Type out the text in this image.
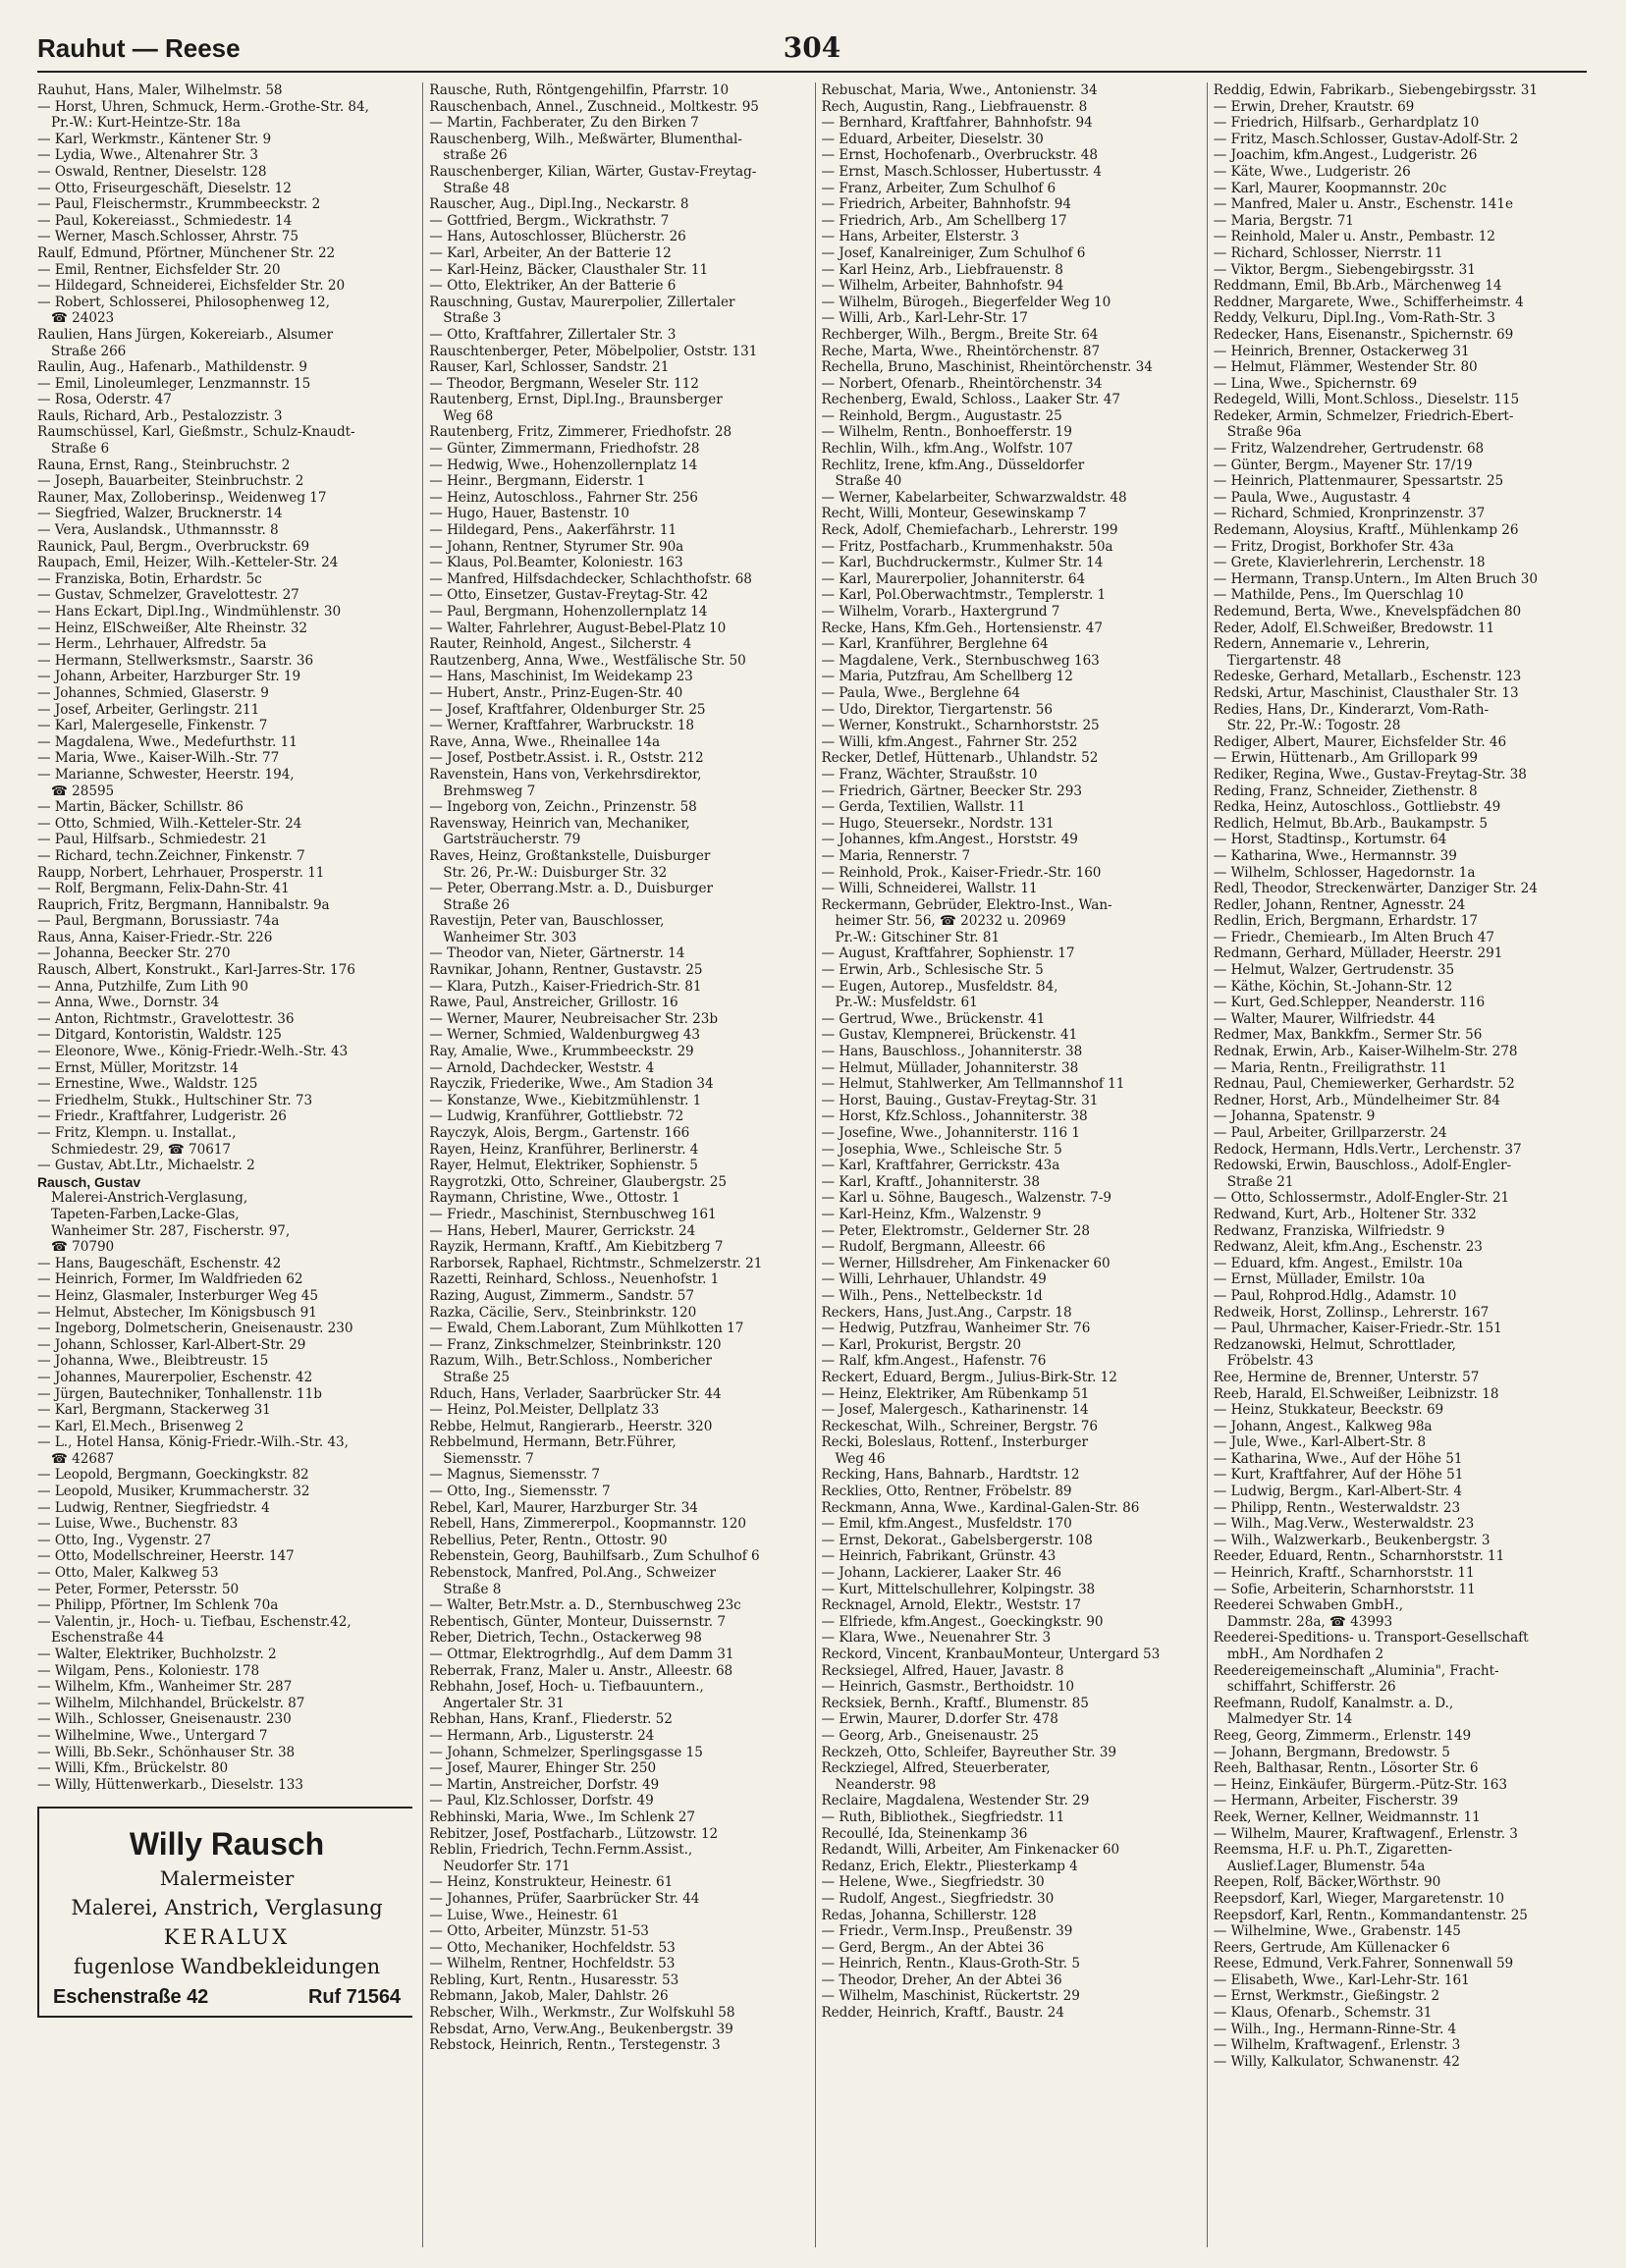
Rauhut — Reese	304
Rauhut, Hans, Maler, Wilhelmstr. 58
— Horst, Uhren, Schmuck, Herm.-Grothe-Str. 84,
Pr.-W.: Kurt-Heintze-Str. 18a
— Karl, Werkmstr., Käntener Str. 9
— Lydia, Wwe., Altenahrer Str. 3
— Oswald, Rentner, Dieselstr. 128
— Otto, Friseurgeschäft, Dieselstr. 12
— Paul, Fleischermstr., Krummbeeckstr. 2
— Paul, Kokereiasst., Schmiedestr. 14
— Werner, Masch.Schlosser, Ahrstr. 75
Raulf, Edmund, Pförtner, Münchener Str. 22
— Emil, Rentner, Eichsfelder Str. 20
— Hildegard, Schneiderei, Eichsfelder Str. 20
— Robert, Schlosserei, Philosophenweg 12,
☎ 24023
Raulien, Hans Jürgen, Kokereiarb., Alsumer
Straße 266
Raulin, Aug., Hafenarb., Mathildenstr. 9
— Emil, Linoleumleger, Lenzmannstr. 15
— Rosa, Oderstr. 47
Rauls, Richard, Arb., Pestalozzistr. 3
Raumschüssel, Karl, Gießmstr., Schulz-Knaudt-
Straße 6
Rauna, Ernst, Rang., Steinbruchstr. 2
— Joseph, Bauarbeiter, Steinbruchstr. 2
Rauner, Max, Zolloberinsp., Weidenweg 17
— Siegfried, Walzer, Brucknerstr. 14
— Vera, Auslandsk., Uthmannsstr. 8
Raunick, Paul, Bergm., Overbruckstr. 69
Raupach, Emil, Heizer, Wilh.-Ketteler-Str. 24
— Franziska, Botin, Erhardstr. 5c
— Gustav, Schmelzer, Gravelottestr. 27
— Hans Eckart, Dipl.Ing., Windmühlenstr. 30
— Heinz, ElSchweißer, Alte Rheinstr. 32
— Herm., Lehrhauer, Alfredstr. 5a
— Hermann, Stellwerksmstr., Saarstr. 36
— Johann, Arbeiter, Harzburger Str. 19
— Johannes, Schmied, Glaserstr. 9
— Josef, Arbeiter, Gerlingstr. 211
— Karl, Malergeselle, Finkenstr. 7
— Magdalena, Wwe., Medefurthstr. 11
— Maria, Wwe., Kaiser-Wilh.-Str. 77
— Marianne, Schwester, Heerstr. 194,
☎ 28595
— Martin, Bäcker, Schillstr. 86
— Otto, Schmied, Wilh.-Ketteler-Str. 24
— Paul, Hilfsarb., Schmiedestr. 21
— Richard, techn.Zeichner, Finkenstr. 7
Raupp, Norbert, Lehrhauer, Prosperstr. 11
— Rolf, Bergmann, Felix-Dahn-Str. 41
Rauprich, Fritz, Bergmann, Hannibalstr. 9a
— Paul, Bergmann, Borussiastr. 74a
Raus, Anna, Kaiser-Friedr.-Str. 226
— Johanna, Beecker Str. 270
Rausch, Albert, Konstrukt., Karl-Jarres-Str. 176
— Anna, Putzhilfe, Zum Lith 90
— Anna, Wwe., Dornstr. 34
— Anton, Richtmstr., Gravelottestr. 36
— Ditgard, Kontoristin, Waldstr. 125
— Eleonore, Wwe., König-Friedr.-Welh.-Str. 43
— Ernst, Müller, Moritzstr. 14
— Ernestine, Wwe., Waldstr. 125
— Friedhelm, Stukk., Hultschiner Str. 73
— Friedr., Kraftfahrer, Ludgeristr. 26
— Fritz, Klempn. u. Installat.,
Schmiedestr. 29, ☎ 70617
— Gustav, Abt.Ltr., Michaelstr. 2
Rausch, Gustav
Malerei-Anstrich-Verglasung,
Tapeten-Farben,Lacke-Glas,
Wanheimer Str. 287, Fischerstr. 97,
☎ 70790
— Hans, Baugeschäft, Eschenstr. 42
— Heinrich, Former, Im Waldfrieden 62
— Heinz, Glasmaler, Insterburger Weg 45
— Helmut, Abstecher, Im Königsbusch 91
— Ingeborg, Dolmetscherin, Gneisenaustr. 230
— Johann, Schlosser, Karl-Albert-Str. 29
— Johanna, Wwe., Bleibtreustr. 15
— Johannes, Maurerpolier, Eschenstr. 42
— Jürgen, Bautechniker, Tonhallenstr. 11b
— Karl, Bergmann, Stackerweg 31
— Karl, El.Mech., Brisenweg 2
— L., Hotel Hansa, König-Friedr.-Wilh.-Str. 43,
☎ 42687
— Leopold, Bergmann, Goeckingkstr. 82
— Leopold, Musiker, Krummacherstr. 32
— Ludwig, Rentner, Siegfriedstr. 4
— Luise, Wwe., Buchenstr. 83
— Otto, Ing., Vygenstr. 27
— Otto, Modellschreiner, Heerstr. 147
— Otto, Maler, Kalkweg 53
— Peter, Former, Petersstr. 50
— Philipp, Pförtner, Im Schlenk 70a
— Valentin, jr., Hoch- u. Tiefbau, Eschenstr.42,
Eschenstraße 44
— Walter, Elektriker, Buchholzstr. 2
— Wilgam, Pens., Koloniestr. 178
— Wilhelm, Kfm., Wanheimer Str. 287
— Wilhelm, Milchhandel, Brückelstr. 87
— Wilh., Schlosser, Gneisenaustr. 230
— Wilhelmine, Wwe., Untergard 7
— Willi, Bb.Sekr., Schönhauser Str. 38
— Willi, Kfm., Brückelstr. 80
— Willy, Hüttenwerkarb., Dieselstr. 133
Willy Rausch
Malermeister
Malerei, Anstrich, Verglasung
KERALUX
fugenlose Wandbekleidungen
Eschenstraße 42	Ruf 71564
Rausche, Ruth, Röntgengehilfin, Pfarrstr. 10
Rauschenbach, Annel., Zuschneid., Moltkestr. 95
— Martin, Fachberater, Zu den Birken 7
Rauschenberg, Wilh., Meßwärter, Blumenthal-
straße 26
Rauschenberger, Kilian, Wärter, Gustav-Freytag-
Straße 48
Rauscher, Aug., Dipl.Ing., Neckarstr. 8
— Gottfried, Bergm., Wickrathstr. 7
— Hans, Autoschlosser, Blücherstr. 26
— Karl, Arbeiter, An der Batterie 12
— Karl-Heinz, Bäcker, Clausthaler Str. 11
— Otto, Elektriker, An der Batterie 6
Rauschning, Gustav, Maurerpolier, Zillertaler
Straße 3
— Otto, Kraftfahrer, Zillertaler Str. 3
Rauschtenberger, Peter, Möbelpolier, Oststr. 131
Rauser, Karl, Schlosser, Sandstr. 21
— Theodor, Bergmann, Weseler Str. 112
Rautenberg, Ernst, Dipl.Ing., Braunsberger
Weg 68
Rautenberg, Fritz, Zimmerer, Friedhofstr. 28
— Günter, Zimmermann, Friedhofstr. 28
— Hedwig, Wwe., Hohenzollernplatz 14
— Heinr., Bergmann, Eiderstr. 1
— Heinz, Autoschloss., Fahrner Str. 256
— Hugo, Hauer, Bastenstr. 10
— Hildegard, Pens., Aakerfährstr. 11
— Johann, Rentner, Styrumer Str. 90a
— Klaus, Pol.Beamter, Koloniestr. 163
— Manfred, Hilfsdachdecker, Schlachthofstr. 68
— Otto, Einsetzer, Gustav-Freytag-Str. 42
— Paul, Bergmann, Hohenzollernplatz 14
— Walter, Fahrlehrer, August-Bebel-Platz 10
Rauter, Reinhold, Angest., Silcherstr. 4
Rautzenberg, Anna, Wwe., Westfälische Str. 50
— Hans, Maschinist, Im Weidekamp 23
— Hubert, Anstr., Prinz-Eugen-Str. 40
— Josef, Kraftfahrer, Oldenburger Str. 25
— Werner, Kraftfahrer, Warbruckstr. 18
Rave, Anna, Wwe., Rheinallee 14a
— Josef, Postbetr.Assist. i. R., Oststr. 212
Ravenstein, Hans von, Verkehrsdirektor,
Brehmsweg 7
— Ingeborg von, Zeichn., Prinzenstr. 58
Ravensway, Heinrich van, Mechaniker,
Gartsträucherstr. 79
Raves, Heinz, Großtankstelle, Duisburger
Str. 26, Pr.-W.: Duisburger Str. 32
— Peter, Oberrang.Mstr. a. D., Duisburger
Straße 26
Ravestijn, Peter van, Bauschlosser,
Wanheimer Str. 303
— Theodor van, Nieter, Gärtnerstr. 14
Ravnikar, Johann, Rentner, Gustavstr. 25
— Klara, Putzh., Kaiser-Friedrich-Str. 81
Rawe, Paul, Anstreicher, Grillostr. 16
— Werner, Maurer, Neubreisacher Str. 23b
— Werner, Schmied, Waldenburgweg 43
Ray, Amalie, Wwe., Krummbeeckstr. 29
— Arnold, Dachdecker, Weststr. 4
Rayczik, Friederike, Wwe., Am Stadion 34
— Konstanze, Wwe., Kiebitzmühlenstr. 1
— Ludwig, Kranführer, Gottliebstr. 72
Rayczyk, Alois, Bergm., Gartenstr. 166
Rayen, Heinz, Kranführer, Berlinerstr. 4
Rayer, Helmut, Elektriker, Sophienstr. 5
Raygrotzki, Otto, Schreiner, Glaubergstr. 25
Raymann, Christine, Wwe., Ottostr. 1
— Friedr., Maschinist, Sternbuschweg 161
— Hans, Heberl, Maurer, Gerrickstr. 24
Rayzik, Hermann, Kraftf., Am Kiebitzberg 7
Rarborsek, Raphael, Richtmstr., Schmelzerstr. 21
Razetti, Reinhard, Schloss., Neuenhofstr. 1
Razing, August, Zimmerm., Sandstr. 57
Razka, Cäcilie, Serv., Steinbrinkstr. 120
— Ewald, Chem.Laborant, Zum Mühlkotten 17
— Franz, Zinkschmelzer, Steinbrinkstr. 120
Razum, Wilh., Betr.Schloss., Nombericher
Straße 25
Rduch, Hans, Verlader, Saarbrücker Str. 44
— Heinz, Pol.Meister, Dellplatz 33
Rebbe, Helmut, Rangierarb., Heerstr. 320
Rebbelmund, Hermann, Betr.Führer,
Siemensstr. 7
— Magnus, Siemensstr. 7
— Otto, Ing., Siemensstr. 7
Rebel, Karl, Maurer, Harzburger Str. 34
Rebell, Hans, Zimmererpol., Koopmannstr. 120
Rebellius, Peter, Rentn., Ottostr. 90
Rebenstein, Georg, Bauhilfsarb., Zum Schulhof 6
Rebenstock, Manfred, Pol.Ang., Schweizer
Straße 8
— Walter, Betr.Mstr. a. D., Sternbuschweg 23c
Rebentisch, Günter, Monteur, Duissernstr. 7
Reber, Dietrich, Techn., Ostackerweg 98
— Ottmar, Elektrogrhdlg., Auf dem Damm 31
Reberrak, Franz, Maler u. Anstr., Alleestr. 68
Rebhahn, Josef, Hoch- u. Tiefbauuntern.,
Angertaler Str. 31
Rebhan, Hans, Kranf., Fliederstr. 52
— Hermann, Arb., Ligusterstr. 24
— Johann, Schmelzer, Sperlingsgasse 15
— Josef, Maurer, Ehinger Str. 250
— Martin, Anstreicher, Dorfstr. 49
— Paul, Klz.Schlosser, Dorfstr. 49
Rebhinski, Maria, Wwe., Im Schlenk 27
Rebitzer, Josef, Postfacharb., Lützowstr. 12
Reblin, Friedrich, Techn.Fernm.Assist.,
Neudorfer Str. 171
— Heinz, Konstrukteur, Heinestr. 61
— Johannes, Prüfer, Saarbrücker Str. 44
— Luise, Wwe., Heinestr. 61
— Otto, Arbeiter, Münzstr. 51-53
— Otto, Mechaniker, Hochfeldstr. 53
— Wilhelm, Rentner, Hochfeldstr. 53
Rebling, Kurt, Rentn., Husaresstr. 53
Rebmann, Jakob, Maler, Dahlstr. 26
Rebscher, Wilh., Werkmstr., Zur Wolfskuhl 58
Rebsdat, Arno, Verw.Ang., Beukenbergstr. 39
Rebstock, Heinrich, Rentn., Terstegenstr. 3
Rebuschat, Maria, Wwe., Antonienstr. 34
Rech, Augustin, Rang., Liebfrauenstr. 8
— Bernhard, Kraftfahrer, Bahnhofstr. 94
— Eduard, Arbeiter, Dieselstr. 30
— Ernst, Hochofenarb., Overbruckstr. 48
— Ernst, Masch.Schlosser, Hubertusstr. 4
— Franz, Arbeiter, Zum Schulhof 6
— Friedrich, Arbeiter, Bahnhofstr. 94
— Friedrich, Arb., Am Schellberg 17
— Hans, Arbeiter, Elsterstr. 3
— Josef, Kanalreiniger, Zum Schulhof 6
— Karl Heinz, Arb., Liebfrauenstr. 8
— Wilhelm, Arbeiter, Bahnhofstr. 94
— Wilhelm, Bürogeh., Biegerfelder Weg 10
— Willi, Arb., Karl-Lehr-Str. 17
Rechberger, Wilh., Bergm., Breite Str. 64
Reche, Marta, Wwe., Rheintörchenstr. 87
Rechella, Bruno, Maschinist, Rheintörchenstr. 34
— Norbert, Ofenarb., Rheintörchenstr. 34
Rechenberg, Ewald, Schloss., Laaker Str. 47
— Reinhold, Bergm., Augustastr. 25
— Wilhelm, Rentn., Bonhoefferstr. 19
Rechlin, Wilh., kfm.Ang., Wolfstr. 107
Rechlitz, Irene, kfm.Ang., Düsseldorfer
Straße 40
— Werner, Kabelarbeiter, Schwarzwaldstr. 48
Recht, Willi, Monteur, Gesewinskamp 7
Reck, Adolf, Chemiefacharb., Lehrerstr. 199
— Fritz, Postfacharb., Krummenhakstr. 50a
— Karl, Buchdruckermstr., Kulmer Str. 14
— Karl, Maurerpolier, Johanniterstr. 64
— Karl, Pol.Oberwachtmstr., Templerstr. 1
— Wilhelm, Vorarb., Haxtergrund 7
Recke, Hans, Kfm.Geh., Hortensienstr. 47
— Karl, Kranführer, Berglehne 64
— Magdalene, Verk., Sternbuschweg 163
— Maria, Putzfrau, Am Schellberg 12
— Paula, Wwe., Berglehne 64
— Udo, Direktor, Tiergartenstr. 56
— Werner, Konstrukt., Scharnhorststr. 25
— Willi, kfm.Angest., Fahrner Str. 252
Recker, Detlef, Hüttenarb., Uhlandstr. 52
— Franz, Wächter, Straußstr. 10
— Friedrich, Gärtner, Beecker Str. 293
— Gerda, Textilien, Wallstr. 11
— Hugo, Steuersekr., Nordstr. 131
— Johannes, kfm.Angest., Horststr. 49
— Maria, Rennerstr. 7
— Reinhold, Prok., Kaiser-Friedr.-Str. 160
— Willi, Schneiderei, Wallstr. 11
Reckermann, Gebrüder, Elektro-Inst., Wan-
heimer Str. 56, ☎ 20232 u. 20969
Pr.-W.: Gitschiner Str. 81
— August, Kraftfahrer, Sophienstr. 17
— Erwin, Arb., Schlesische Str. 5
— Eugen, Autorep., Musfeldstr. 84,
Pr.-W.: Musfeldstr. 61
— Gertrud, Wwe., Brückenstr. 41
— Gustav, Klempnerei, Brückenstr. 41
— Hans, Bauschloss., Johanniterstr. 38
— Helmut, Müllader, Johanniterstr. 38
— Helmut, Stahlwerker, Am Tellmannshof 11
— Horst, Bauing., Gustav-Freytag-Str. 31
— Horst, Kfz.Schloss., Johanniterstr. 38
— Josefine, Wwe., Johanniterstr. 116 1
— Josephia, Wwe., Schleische Str. 5
— Karl, Kraftfahrer, Gerrickstr. 43a
— Karl, Kraftf., Johanniterstr. 38
— Karl u. Söhne, Baugesch., Walzenstr. 7-9
— Karl-Heinz, Kfm., Walzenstr. 9
— Peter, Elektromstr., Gelderner Str. 28
— Rudolf, Bergmann, Alleestr. 66
— Werner, Hillsdreher, Am Finkenacker 60
— Willi, Lehrhauer, Uhlandstr. 49
— Wilh., Pens., Nettelbeckstr. 1d
Reckers, Hans, Just.Ang., Carpstr. 18
— Hedwig, Putzfrau, Wanheimer Str. 76
— Karl, Prokurist, Bergstr. 20
— Ralf, kfm.Angest., Hafenstr. 76
Reckert, Eduard, Bergm., Julius-Birk-Str. 12
— Heinz, Elektriker, Am Rübenkamp 51
— Josef, Malergesch., Katharinenstr. 14
Reckeschat, Wilh., Schreiner, Bergstr. 76
Recki, Boleslaus, Rottenf., Insterburger
Weg 46
Recking, Hans, Bahnarb., Hardtstr. 12
Recklies, Otto, Rentner, Fröbelstr. 89
Reckmann, Anna, Wwe., Kardinal-Galen-Str. 86
— Emil, kfm.Angest., Musfeldstr. 170
— Ernst, Dekorat., Gabelsbergerstr. 108
— Heinrich, Fabrikant, Grünstr. 43
— Johann, Lackierer, Laaker Str. 46
— Kurt, Mittelschullehrer, Kolpingstr. 38
Recknagel, Arnold, Elektr., Weststr. 17
— Elfriede, kfm.Angest., Goeckingkstr. 90
— Klara, Wwe., Neuenahrer Str. 3
Reckord, Vincent, KranbauMonteur, Untergard 53
Recksiegel, Alfred, Hauer, Javastr. 8
— Heinrich, Gasmstr., Berthoidstr. 10
Recksiek, Bernh., Kraftf., Blumenstr. 85
— Erwin, Maurer, D.dorfer Str. 478
— Georg, Arb., Gneisenaustr. 25
Reckzeh, Otto, Schleifer, Bayreuther Str. 39
Reckziegel, Alfred, Steuerberater,
Neanderstr. 98
Reclaire, Magdalena, Westender Str. 29
— Ruth, Bibliothek., Siegfriedstr. 11
Recoullé, Ida, Steinenkamp 36
Redandt, Willi, Arbeiter, Am Finkenacker 60
Redanz, Erich, Elektr., Pliesterkamp 4
— Helene, Wwe., Siegfriedstr. 30
— Rudolf, Angest., Siegfriedstr. 30
Redas, Johanna, Schillerstr. 128
— Friedr., Verm.Insp., Preußenstr. 39
— Gerd, Bergm., An der Abtei 36
— Heinrich, Rentn., Klaus-Groth-Str. 5
— Theodor, Dreher, An der Abtei 36
— Wilhelm, Maschinist, Rückertstr. 29
Redder, Heinrich, Kraftf., Baustr. 24
Reddig, Edwin, Fabrikarb., Siebengebirgsstr. 31
— Erwin, Dreher, Krautstr. 69
— Friedrich, Hilfsarb., Gerhardplatz 10
— Fritz, Masch.Schlosser, Gustav-Adolf-Str. 2
— Joachim, kfm.Angest., Ludgeristr. 26
— Käte, Wwe., Ludgeristr. 26
— Karl, Maurer, Koopmannstr. 20c
— Manfred, Maler u. Anstr., Eschenstr. 141e
— Maria, Bergstr. 71
— Reinhold, Maler u. Anstr., Pembastr. 12
— Richard, Schlosser, Nierrstr. 11
— Viktor, Bergm., Siebengebirgsstr. 31
Reddmann, Emil, Bb.Arb., Märchenweg 14
Reddner, Margarete, Wwe., Schifferheimstr. 4
Reddy, Velkuru, Dipl.Ing., Vom-Rath-Str. 3
Redecker, Hans, Eisenanstr., Spichernstr. 69
— Heinrich, Brenner, Ostackerweg 31
— Helmut, Flämmer, Westender Str. 80
— Lina, Wwe., Spichernstr. 69
Redegeld, Willi, Mont.Schloss., Dieselstr. 115
Redeker, Armin, Schmelzer, Friedrich-Ebert-
Straße 96a
— Fritz, Walzendreher, Gertrudenstr. 68
— Günter, Bergm., Mayener Str. 17/19
— Heinrich, Plattenmaurer, Spessartstr. 25
— Paula, Wwe., Augustastr. 4
— Richard, Schmied, Kronprinzenstr. 37
Redemann, Aloysius, Kraftf., Mühlenkamp 26
— Fritz, Drogist, Borkhofer Str. 43a
— Grete, Klavierlehrerin, Lerchenstr. 18
— Hermann, Transp.Untern., Im Alten Bruch 30
— Mathilde, Pens., Im Querschlag 10
Redemund, Berta, Wwe., Knevelspfädchen 80
Reder, Adolf, El.Schweißer, Bredowstr. 11
Redern, Annemarie v., Lehrerin,
Tiergartenstr. 48
Redeske, Gerhard, Metallarb., Eschenstr. 123
Redski, Artur, Maschinist, Clausthaler Str. 13
Redies, Hans, Dr., Kinderarzt, Vom-Rath-
Str. 22, Pr.-W.: Togostr. 28
Rediger, Albert, Maurer, Eichsfelder Str. 46
— Erwin, Hüttenarb., Am Grillopark 99
Rediker, Regina, Wwe., Gustav-Freytag-Str. 38
Reding, Franz, Schneider, Ziethenstr. 8
Redka, Heinz, Autoschloss., Gottliebstr. 49
Redlich, Helmut, Bb.Arb., Baukampstr. 5
— Horst, Stadtinsp., Kortumstr. 64
— Katharina, Wwe., Hermannstr. 39
— Wilhelm, Schlosser, Hagedornstr. 1a
Redl, Theodor, Streckenwärter, Danziger Str. 24
Redler, Johann, Rentner, Agnesstr. 24
Redlin, Erich, Bergmann, Erhardstr. 17
— Friedr., Chemiearb., Im Alten Bruch 47
Redmann, Gerhard, Müllader, Heerstr. 291
— Helmut, Walzer, Gertrudenstr. 35
— Käthe, Köchin, St.-Johann-Str. 12
— Kurt, Ged.Schlepper, Neanderstr. 116
— Walter, Maurer, Wilfriedstr. 44
Redmer, Max, Bankkfm., Sermer Str. 56
Rednak, Erwin, Arb., Kaiser-Wilhelm-Str. 278
— Maria, Rentn., Freiligrathstr. 11
Rednau, Paul, Chemiewerker, Gerhardstr. 52
Redner, Horst, Arb., Mündelheimer Str. 84
— Johanna, Spatenstr. 9
— Paul, Arbeiter, Grillparzerstr. 24
Redock, Hermann, Hdls.Vertr., Lerchenstr. 37
Redowski, Erwin, Bauschloss., Adolf-Engler-
Straße 21
— Otto, Schlossermstr., Adolf-Engler-Str. 21
Redwand, Kurt, Arb., Holtener Str. 332
Redwanz, Franziska, Wilfriedstr. 9
Redwanz, Aleit, kfm.Ang., Eschenstr. 23
— Eduard, kfm. Angest., Emilstr. 10a
— Ernst, Müllader, Emilstr. 10a
— Paul, Rohprod.Hdlg., Adamstr. 10
Redweik, Horst, Zollinsp., Lehrerstr. 167
— Paul, Uhrmacher, Kaiser-Friedr.-Str. 151
Redzanowski, Helmut, Schrottlader,
Fröbelstr. 43
Ree, Hermine de, Brenner, Unterstr. 57
Reeb, Harald, El.Schweißer, Leibnizstr. 18
— Heinz, Stukkateur, Beeckstr. 69
— Johann, Angest., Kalkweg 98a
— Jule, Wwe., Karl-Albert-Str. 8
— Katharina, Wwe., Auf der Höhe 51
— Kurt, Kraftfahrer, Auf der Höhe 51
— Ludwig, Bergm., Karl-Albert-Str. 4
— Philipp, Rentn., Westerwaldstr. 23
— Wilh., Mag.Verw., Westerwaldstr. 23
— Wilh., Walzwerkarb., Beukenbergstr. 3
Reeder, Eduard, Rentn., Scharnhorststr. 11
— Heinrich, Kraftf., Scharnhorststr. 11
— Sofie, Arbeiterin, Scharnhorststr. 11
Reederei Schwaben GmbH.,
Dammstr. 28a, ☎ 43993
Reederei-Speditions- u. Transport-Gesellschaft
mbH., Am Nordhafen 2
Reedereigemeinschaft „Aluminia", Fracht-
schiffahrt, Schifferstr. 26
Reefmann, Rudolf, Kanalmstr. a. D.,
Malmedyer Str. 14
Reeg, Georg, Zimmerm., Erlenstr. 149
— Johann, Bergmann, Bredowstr. 5
Reeh, Balthasar, Rentn., Lösorter Str. 6
— Heinz, Einkäufer, Bürgerm.-Pütz-Str. 163
— Hermann, Arbeiter, Fischerstr. 39
Reek, Werner, Kellner, Weidmannstr. 11
— Wilhelm, Maurer, Kraftwagenf., Erlenstr. 3
Reemsma, H.F. u. Ph.T., Zigaretten-
Auslief.Lager, Blumenstr. 54a
Reepen, Rolf, Bäcker,Wörthstr. 90
Reepsdorf, Karl, Wieger, Margaretenstr. 10
Reepsdorf, Karl, Rentn., Kommandantenstr. 25
— Wilhelmine, Wwe., Grabenstr. 145
Reers, Gertrude, Am Küllenacker 6
Reese, Edmund, Verk.Fahrer, Sonnenwall 59
— Elisabeth, Wwe., Karl-Lehr-Str. 161
— Ernst, Werkmstr., Gießingstr. 2
— Klaus, Ofenarb., Schemstr. 31
— Wilh., Ing., Hermann-Rinne-Str. 4
— Wilhelm, Kraftwagenf., Erlenstr. 3
— Willy, Kalkulator, Schwanenstr. 42
